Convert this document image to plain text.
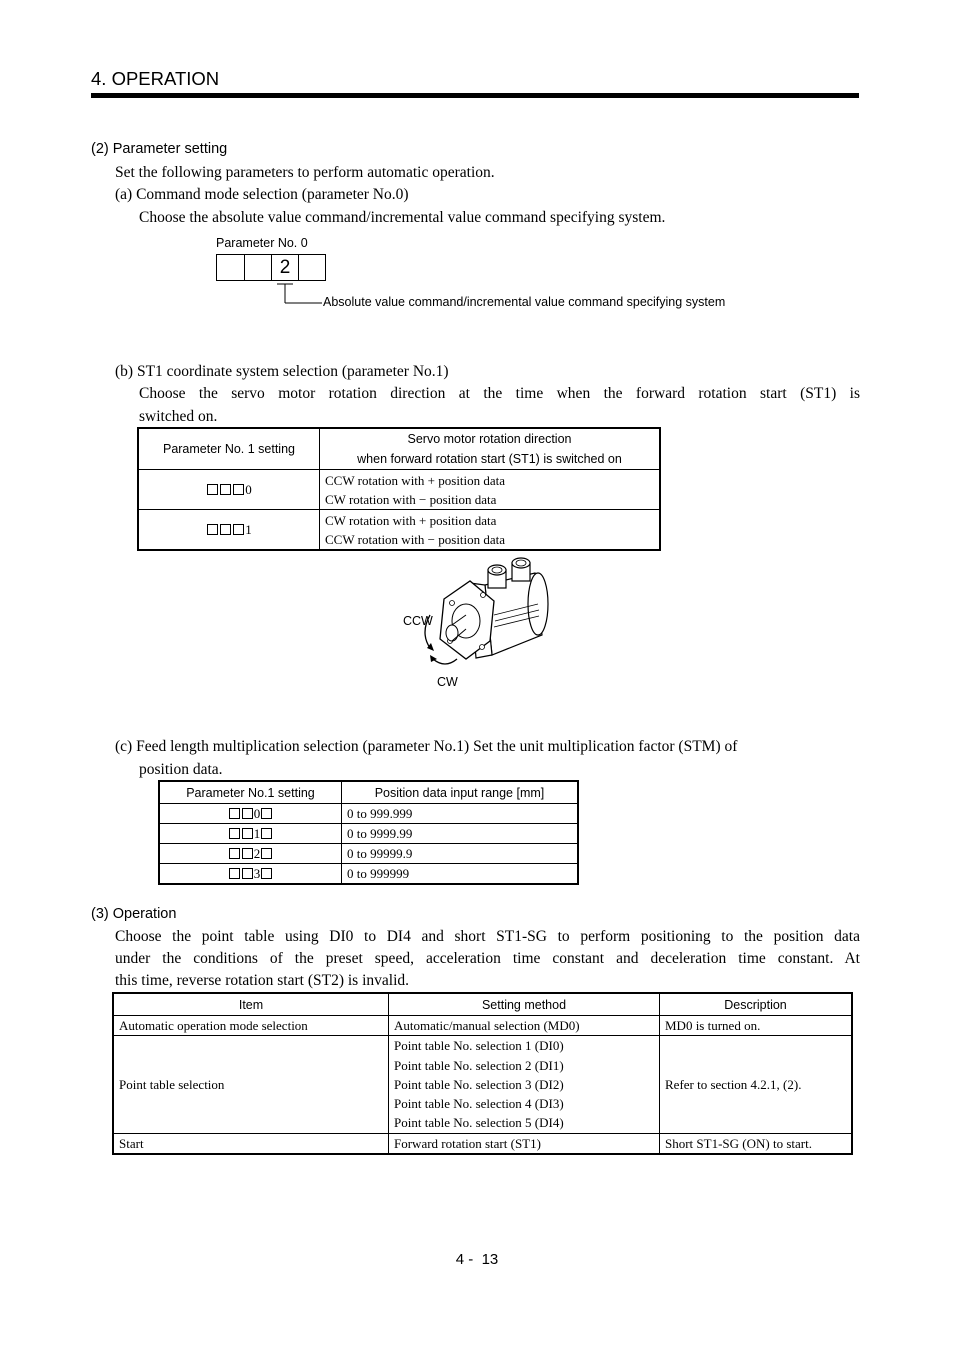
4. OPERATION
(2) Parameter setting
Set the following parameters to perform automatic operation.
(a) Command mode selection (parameter No.0)
Choose the absolute value command/incremental value command specifying system.
Parameter No. 0
2
Absolute value command/incremental value command specifying system
(b) ST1 coordinate system selection (parameter No.1)
Choose the servo motor rotation direction at the time when the forward rotation start (ST1) is
switched on.
Parameter No. 1 setting	Servo motor rotation direction
when forward rotation start (ST1) is switched on

0	CCW rotation with + position data
CW rotation with − position data

1	CW rotation with + position data
CCW rotation with − position data
CCW
CW
(c) Feed length multiplication selection (parameter No.1) Set the unit multiplication factor (STM) of
position data.
Parameter No.1 setting	Position data input range [mm]
0	0 to 999.999
1	0 to 9999.99
2	0 to 99999.9
3	0 to 999999
(3) Operation
Choose the point table using DI0 to DI4 and short ST1-SG to perform positioning to the position data
under the conditions of the preset speed, acceleration time constant and deceleration time constant. At
this time, reverse rotation start (ST2) is invalid.
Item	Setting method	Description
Automatic operation mode selection	Automatic/manual selection (MD0)	MD0 is turned on.
Point table selection	Point table No. selection 1 (DI0)
Point table No. selection 2 (DI1)
Point table No. selection 3 (DI2)
Point table No. selection 4 (DI3)
Point table No. selection 5 (DI4)	Refer to section 4.2.1, (2).
Start	Forward rotation start (ST1)	Short ST1-SG (ON) to start.
4 -  13
